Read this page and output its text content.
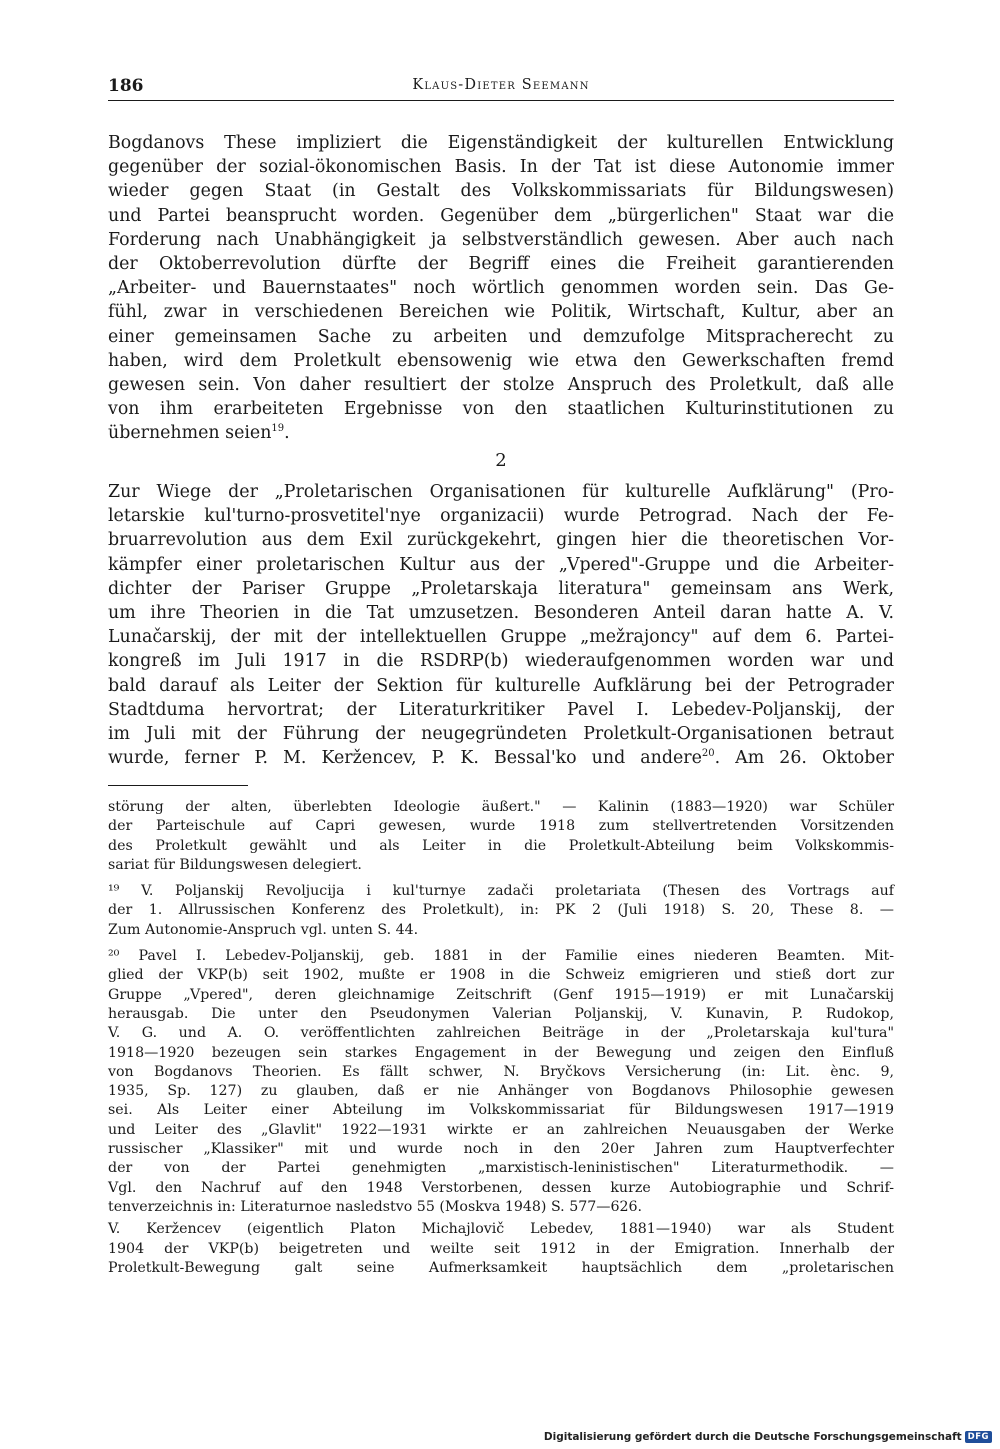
186	Klaus-Dieter Seemann
Bogdanovs These impliziert die Eigenständigkeit der kulturellen Entwicklung
gegenüber der sozial-ökonomischen Basis. In der Tat ist diese Autonomie immer
wieder gegen Staat (in Gestalt des Volkskommissariats für Bildungswesen)
und Partei beansprucht worden. Gegenüber dem „bürgerlichen" Staat war die
Forderung nach Unabhängigkeit ja selbstverständlich gewesen. Aber auch nach
der Oktoberrevolution dürfte der Begriff eines die Freiheit garantierenden
„Arbeiter- und Bauernstaates" noch wörtlich genommen worden sein. Das Ge-
fühl, zwar in verschiedenen Bereichen wie Politik, Wirtschaft, Kultur, aber an
einer gemeinsamen Sache zu arbeiten und demzufolge Mitspracherecht zu
haben, wird dem Proletkult ebensowenig wie etwa den Gewerkschaften fremd
gewesen sein. Von daher resultiert der stolze Anspruch des Proletkult, daß alle
von ihm erarbeiteten Ergebnisse von den staatlichen Kulturinstitutionen zu
übernehmen seien$^{19}$.
2
Zur Wiege der „Proletarischen Organisationen für kulturelle Aufklärung" (Pro-
letarskie kul'turno-prosvetitel'nye organizacii) wurde Petrograd. Nach der Fe-
bruarrevolution aus dem Exil zurückgekehrt, gingen hier die theoretischen Vor-
kämpfer einer proletarischen Kultur aus der „Vpered"-Gruppe und die Arbeiter-
dichter der Pariser Gruppe „Proletarskaja literatura" gemeinsam ans Werk,
um ihre Theorien in die Tat umzusetzen. Besonderen Anteil daran hatte A. V.
Lunačarskij, der mit der intellektuellen Gruppe „mežrajoncy" auf dem 6. Partei-
kongreß im Juli 1917 in die RSDRP(b) wiederaufgenommen worden war und
bald darauf als Leiter der Sektion für kulturelle Aufklärung bei der Petrograder
Stadtduma hervortrat; der Literaturkritiker Pavel I. Lebedev-Poljanskij, der
im Juli mit der Führung der neugegründeten Proletkult-Organisationen betraut
wurde, ferner P. M. Keržencev, P. K. Bessal'ko und andere$^{20}$. Am 26. Oktober
störung der alten, überlebten Ideologie äußert." — Kalinin (1883—1920) war Schüler
der Parteischule auf Capri gewesen, wurde 1918 zum stellvertretenden Vorsitzenden
des Proletkult gewählt und als Leiter in die Proletkult-Abteilung beim Volkskommis-
sariat für Bildungswesen delegiert.
¹⁹ V. Poljanskij Revoljucija i kul'turnye zadači proletariata (Thesen des Vortrags auf
der 1. Allrussischen Konferenz des Proletkult), in: PK 2 (Juli 1918) S. 20, These 8. —
Zum Autonomie-Anspruch vgl. unten S. 44.
²⁰ Pavel I. Lebedev-Poljanskij, geb. 1881 in der Familie eines niederen Beamten. Mit-
glied der VKP(b) seit 1902, mußte er 1908 in die Schweiz emigrieren und stieß dort zur
Gruppe „Vpered", deren gleichnamige Zeitschrift (Genf 1915—1919) er mit Lunačarskij
herausgab. Die unter den Pseudonymen Valerian Poljanskij, V. Kunavin, P. Rudokop,
V. G. und A. O. veröffentlichten zahlreichen Beiträge in der „Proletarskaja kul'tura"
1918—1920 bezeugen sein starkes Engagement in der Bewegung und zeigen den Einfluß
von Bogdanovs Theorien. Es fällt schwer, N. Bryčkovs Versicherung (in: Lit. ènc. 9,
1935, Sp. 127) zu glauben, daß er nie Anhänger von Bogdanovs Philosophie gewesen
sei. Als Leiter einer Abteilung im Volkskommissariat für Bildungswesen 1917—1919
und Leiter des „Glavlit" 1922—1931 wirkte er an zahlreichen Neuausgaben der Werke
russischer „Klassiker" mit und wurde noch in den 20er Jahren zum Hauptverfechter
der von der Partei genehmigten „marxistisch-leninistischen" Literaturmethodik. —
Vgl. den Nachruf auf den 1948 Verstorbenen, dessen kurze Autobiographie und Schrif-
tenverzeichnis in: Literaturnoe nasledstvo 55 (Moskva 1948) S. 577—626.
V. Keržencev (eigentlich Platon Michajlovič Lebedev, 1881—1940) war als Student
1904 der VKP(b) beigetreten und weilte seit 1912 in der Emigration. Innerhalb der
Proletkult-Bewegung galt seine Aufmerksamkeit hauptsächlich dem „proletarischen
Digitalisierung gefördert durch die Deutsche Forschungsgemeinschaft DFG
